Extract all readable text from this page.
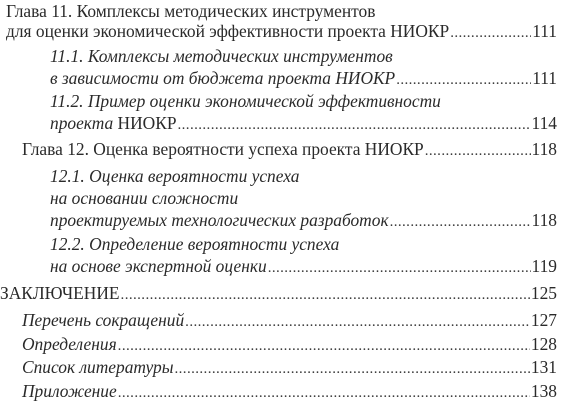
Глава 11. Комплексы методических инструментов
для оценки экономической эффективности проекта НИОКР .....	111
11.1. Комплексы методических инструментов
в зависимости от бюджета проекта НИОКР .....	111
11.2. Пример оценки экономической эффективности
проекта НИОКР .....	114
Глава 12. Оценка вероятности успеха проекта НИОКР .....	118
12.1. Оценка вероятности успеха
на основании сложности
проектируемых технологических разработок .....	118
12.2. Определение вероятности успеха
на основе экспертной оценки .....	119
ЗАКЛЮЧЕНИЕ .....	125
Перечень сокращений .....	127
Определения .....	128
Список литературы .....	131
Приложение .....	138
